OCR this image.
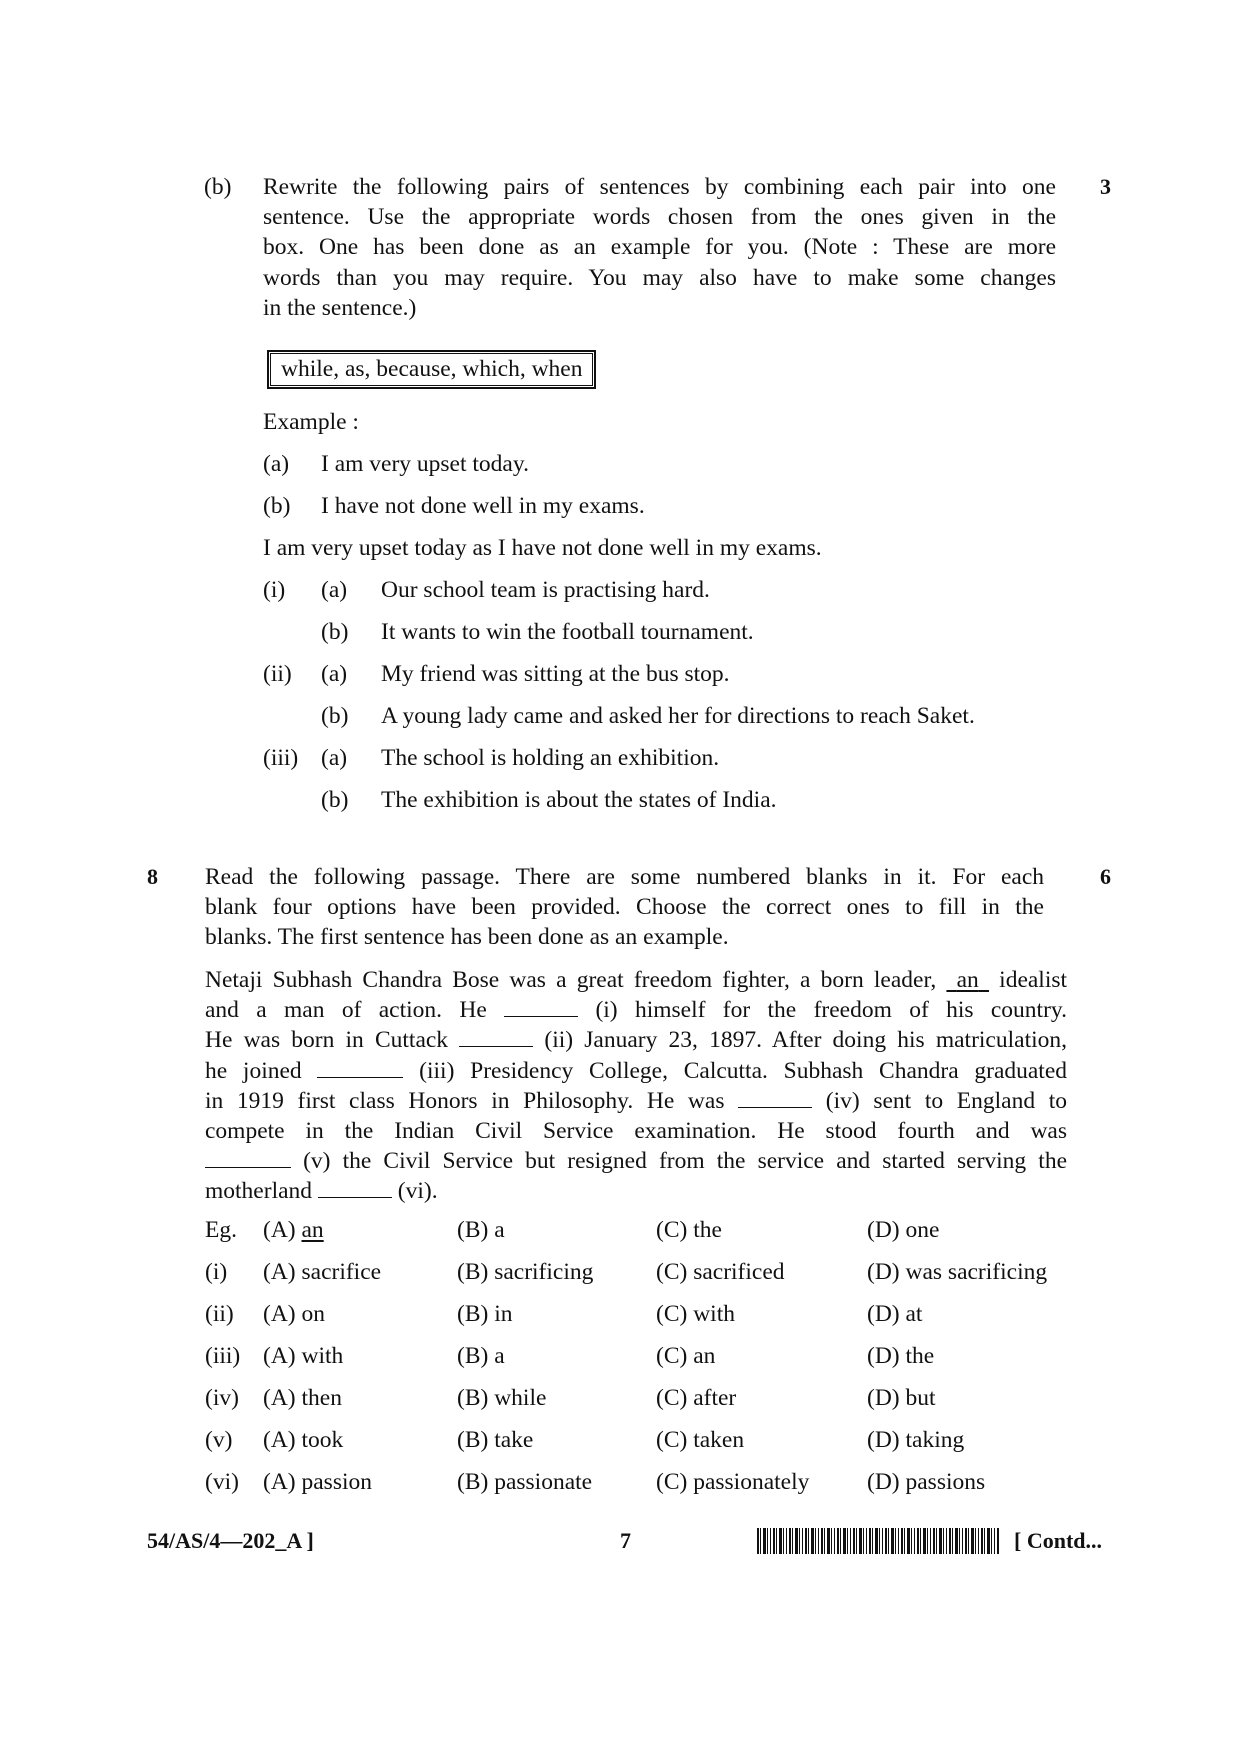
(b)	3
Rewrite the following pairs of sentences by combining each pair into one
sentence. Use the appropriate words chosen from the ones given in the
box. One has been done as an example for you. (Note : These are more
words than you may require. You may also have to make some changes
in the sentence.)
while, as, because, which, when
Example :
(a) I am very upset today.
(b) I have not done well in my exams.
I am very upset today as I have not done well in my exams.
(i) (a) Our school team is practising hard.
(b) It wants to win the football tournament.
(ii) (a) My friend was sitting at the bus stop.
(b) A young lady came and asked her for directions to reach Saket.
(iii) (a) The school is holding an exhibition.
(b) The exhibition is about the states of India.
8	6
Read the following passage. There are some numbered blanks in it. For each
blank four options have been provided. Choose the correct ones to fill in the
blanks. The first sentence has been done as an example.
Netaji Subhash Chandra Bose was a great freedom fighter, a born leader, an idealist
and a man of action. He	(i) himself for the freedom of his country.
He was born in Cuttack	(ii) January 23, 1897. After doing his matriculation,
he joined	(iii) Presidency College, Calcutta. Subhash Chandra graduated
in 1919 first class Honors in Philosophy. He was	(iv) sent to England to
compete in the Indian Civil Service examination. He stood fourth and was
(v) the Civil Service but resigned from the service and started serving the
motherland	(vi).
Eg. (A) an	(B) a	(C) the	(D) one
(i) (A) sacrifice	(B) sacrificing	(C) sacrificed	(D) was sacrificing
(ii) (A) on	(B) in	(C) with	(D) at
(iii) (A) with	(B) a	(C) an	(D) the
(iv) (A) then	(B) while	(C) after	(D) but
(v) (A) took	(B) take	(C) taken	(D) taking
(vi) (A) passion	(B) passionate	(C) passionately (D) passions
54/AS/4—202_A ]	7	[ Contd...
